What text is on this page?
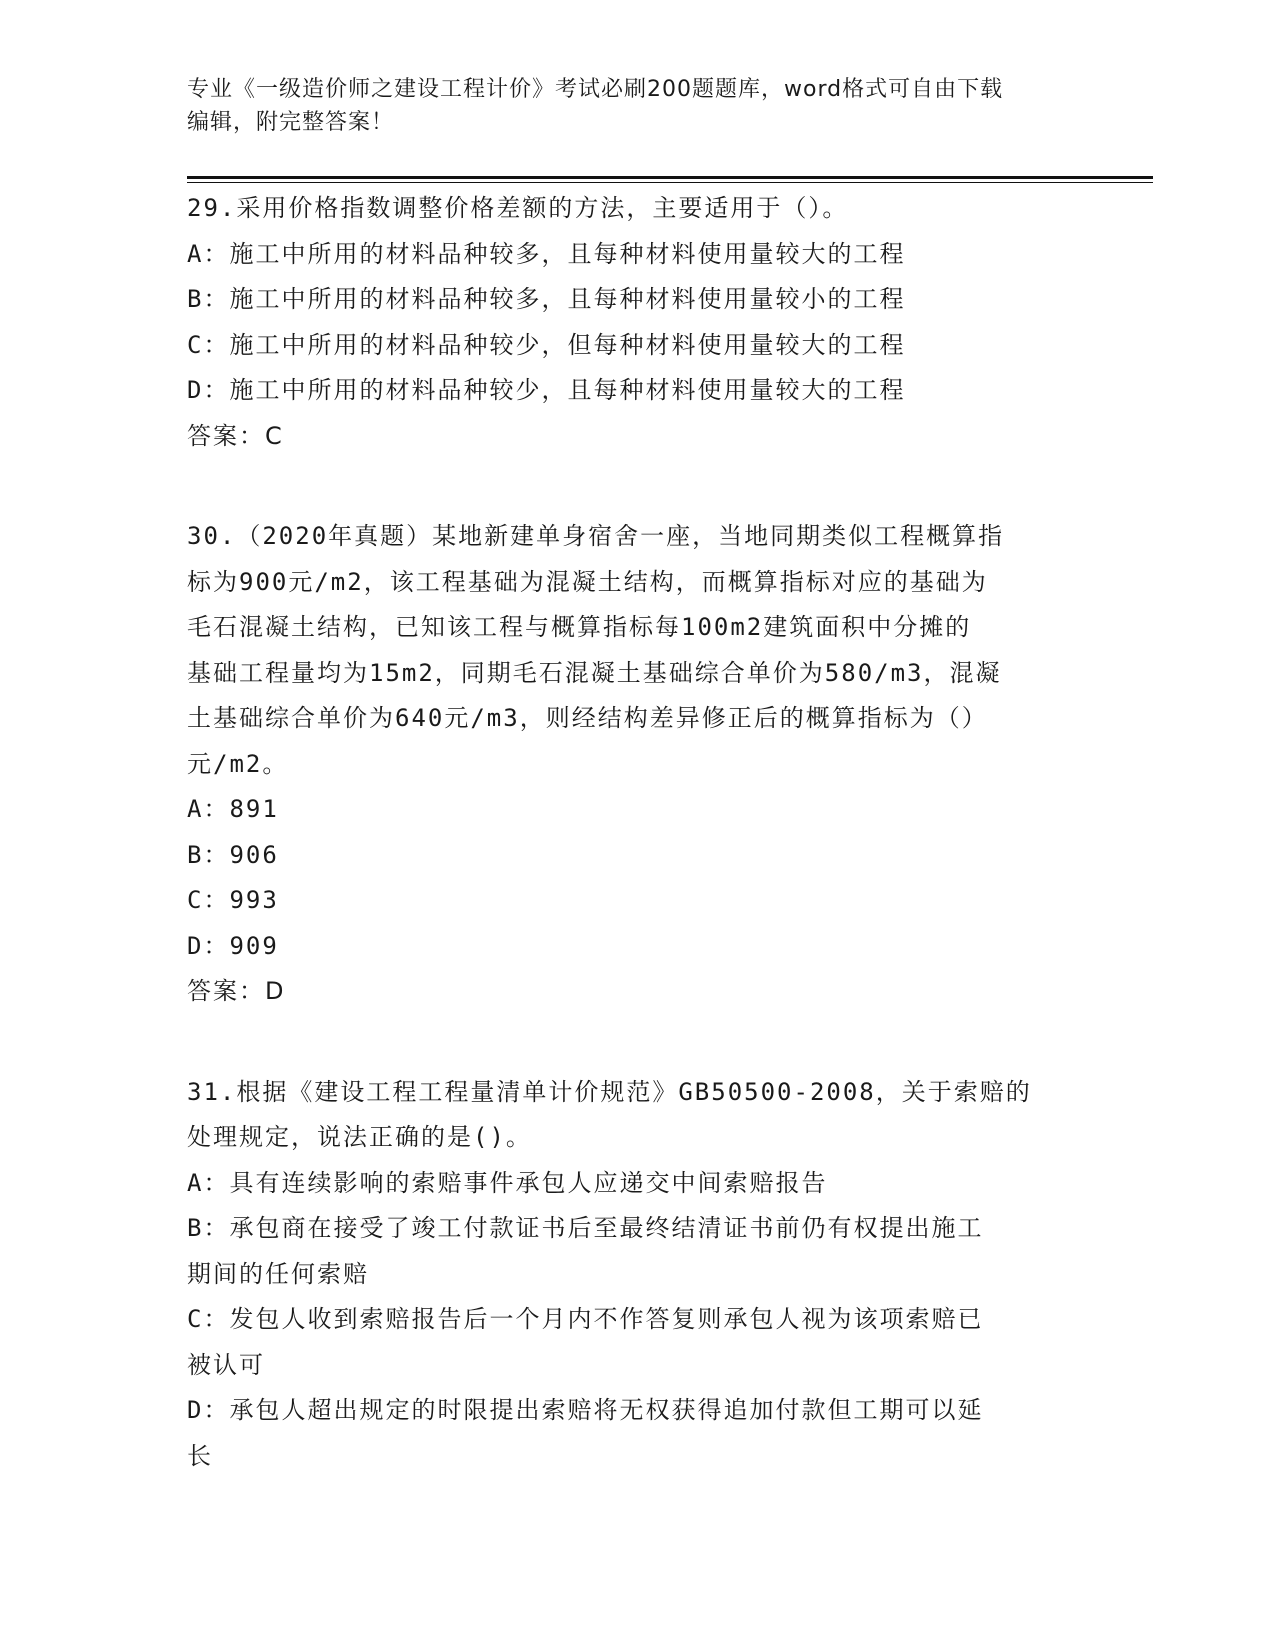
专业《一级造价师之建设工程计价》考试必刷200题题库，word格式可自由下载
编辑，附完整答案！
29.采用价格指数调整价格差额的方法，主要适用于（）。
A：施工中所用的材料品种较多，且每种材料使用量较大的工程
B：施工中所用的材料品种较多，且每种材料使用量较小的工程
C：施工中所用的材料品种较少，但每种材料使用量较大的工程
D：施工中所用的材料品种较少，且每种材料使用量较大的工程
答案：C
30.（2020年真题）某地新建单身宿舍一座，当地同期类似工程概算指
标为900元/m2，该工程基础为混凝土结构，而概算指标对应的基础为
毛石混凝土结构，已知该工程与概算指标每100m2建筑面积中分摊的
基础工程量均为15m2，同期毛石混凝土基础综合单价为580/m3，混凝
土基础综合单价为640元/m3，则经结构差异修正后的概算指标为（）
元/m2。
A：891
B：906
C：993
D：909
答案：D
31.根据《建设工程工程量清单计价规范》GB50500-2008，关于索赔的
处理规定，说法正确的是()。
A：具有连续影响的索赔事件承包人应递交中间索赔报告
B：承包商在接受了竣工付款证书后至最终结清证书前仍有权提出施工
期间的任何索赔
C：发包人收到索赔报告后一个月内不作答复则承包人视为该项索赔已
被认可
D：承包人超出规定的时限提出索赔将无权获得追加付款但工期可以延
长
